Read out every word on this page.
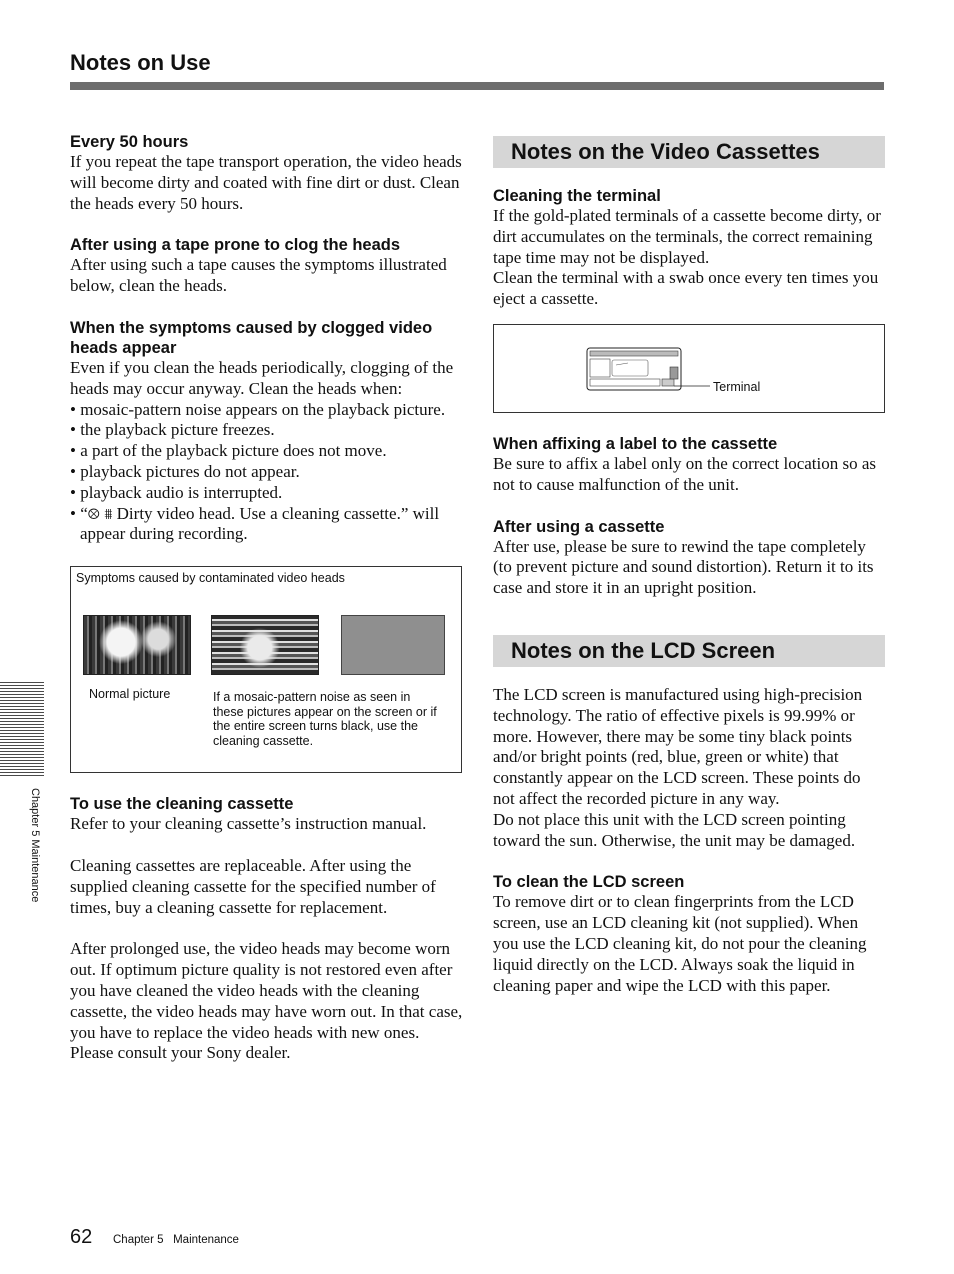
Notes on Use

Every 50 hours

If you repeat the tape transport operation, the video heads will become dirty and coated with fine dirt or dust. Clean the heads every 50 hours.

After using a tape prone to clog the heads

After using such a tape causes the symptoms illustrated below, clean the heads.

When the symptoms caused by clogged video heads appear

Even if you clean the heads periodically, clogging of the heads may occur anyway. Clean the heads when:

• mosaic-pattern noise appears on the playback picture.
• the playback picture freezes.
• a part of the playback picture does not move.
• playback pictures do not appear.
• playback audio is interrupted.
• “⮾ ⩩ Dirty video head. Use a cleaning cassette.” will appear during recording.
Symptoms caused by contaminated video heads
Normal picture	If a mosaic-pattern noise as seen in these pictures appear on the screen or if the entire screen turns black, use the cleaning cassette.

To use the cleaning cassette

Refer to your cleaning cassette’s instruction manual.

Cleaning cassettes are replaceable. After using the supplied cleaning cassette for the specified number of times, buy a cleaning cassette for replacement.

After prolonged use, the video heads may become worn out. If optimum picture quality is not restored even after you have cleaned the video heads with the cleaning cassette, the video heads may have worn out. In that case, you have to replace the video heads with new ones. Please consult your Sony dealer.

Notes on the Video Cassettes

Cleaning the terminal

If the gold-plated terminals of a cassette become dirty, or dirt accumulates on the terminals, the correct remaining tape time may not be displayed.

Clean the terminal with a swab once every ten times you eject a cassette.

Terminal

When affixing a label to the cassette

Be sure to affix a label only on the correct location so as not to cause malfunction of the unit.

After using a cassette

After use, please be sure to rewind the tape completely (to prevent picture and sound distortion). Return it to its case and store it in an upright position.

Notes on the LCD Screen

The LCD screen is manufactured using high-precision technology. The ratio of effective pixels is 99.99% or more. However, there may be some tiny black points and/or bright points (red, blue, green or white) that constantly appear on the LCD screen. These points do not affect the recorded picture in any way.

Do not place this unit with the LCD screen pointing toward the sun. Otherwise, the unit may be damaged.

To clean the LCD screen

To remove dirt or to clean fingerprints from the LCD screen, use an LCD cleaning kit (not supplied). When you use the LCD cleaning kit, do not pour the cleaning liquid directly on the LCD. Always soak the liquid in cleaning paper and wipe the LCD with this paper.

Chapter 5 Maintenance
62 Chapter 5   Maintenance
